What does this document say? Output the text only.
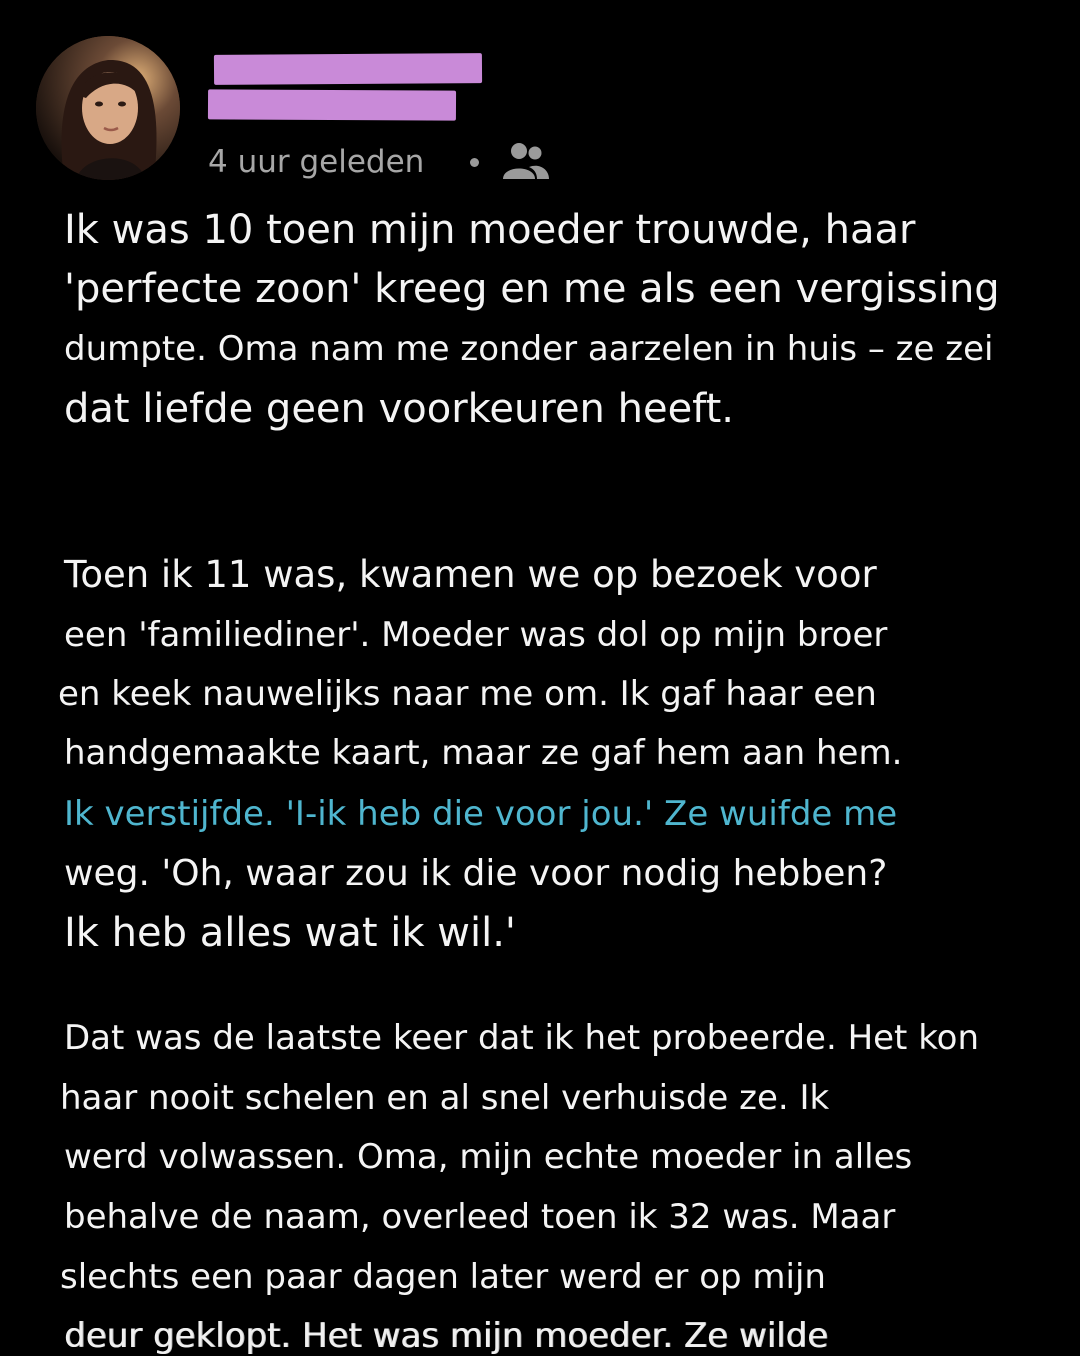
4 uur geleden
Ik was 10 toen mijn moeder trouwde, haar
'perfecte zoon' kreeg en me als een vergissing
dumpte. Oma nam me zonder aarzelen in huis – ze zei
dat liefde geen voorkeuren heeft.
Toen ik 11 was, kwamen we op bezoek voor
een 'familiediner'. Moeder was dol op mijn broer
en keek nauwelijks naar me om. Ik gaf haar een
handgemaakte kaart, maar ze gaf hem aan hem.
Ik verstijfde. 'I-ik heb die voor jou.' Ze wuifde me
weg. 'Oh, waar zou ik die voor nodig hebben?
Ik heb alles wat ik wil.'
Dat was de laatste keer dat ik het probeerde. Het kon
haar nooit schelen en al snel verhuisde ze. Ik
werd volwassen. Oma, mijn echte moeder in alles
behalve de naam, overleed toen ik 32 was. Maar
slechts een paar dagen later werd er op mijn
deur geklopt. Het was mijn moeder. Ze wilde
